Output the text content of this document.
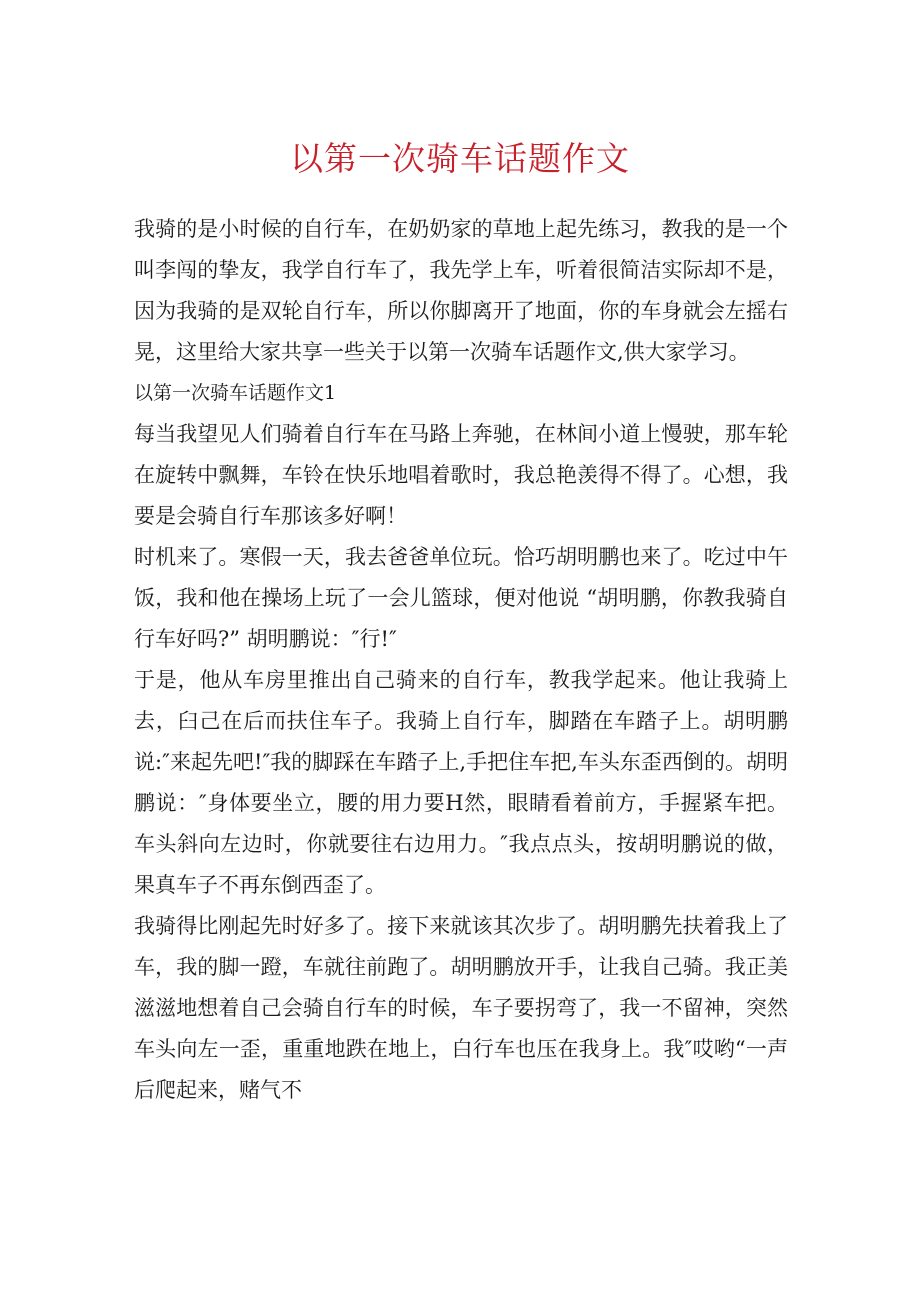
以第一次骑车话题作文

我骑的是小时候的自行车，在奶奶家的草地上起先练习，教我的是一个叫李闯的挚友，我学自行车了，我先学上车，听着很简洁实际却不是，因为我骑的是双轮自行车，所以你脚离开了地面，你的车身就会左摇右晃，这里给大家共享一些关于以第一次骑车话题作文,供大家学习。

以第一次骑车话题作文1

每当我望见人们骑着自行车在马路上奔驰，在林间小道上慢驶，那车轮在旋转中飘舞，车铃在快乐地唱着歌时，我总艳羡得不得了。心想，我要是会骑自行车那该多好啊！

时机来了。寒假一天，我去爸爸单位玩。恰巧胡明鹏也来了。吃过中午饭，我和他在操场上玩了一会儿篮球，便对他说 “胡明鹏，你教我骑自行车好吗?” 胡明鹏说：″行!″

于是，他从车房里推出自己骑来的自行车，教我学起来。他让我骑上去，臼己在后而扶住车子。我骑上自行车，脚踏在车踏子上。胡明鹏说:″来起先吧!″我的脚踩在车踏子上,手把住车把,车头东歪西倒的。胡明鹏说：″身体要坐立，腰的用力要H然，眼睛看着前方，手握紧车把。车头斜向左边时，你就要往右边用力。″我点点头，按胡明鹏说的做，果真车子不再东倒西歪了。

我骑得比刚起先时好多了。接下来就该其次步了。胡明鹏先扶着我上了车，我的脚一蹬，车就往前跑了。胡明鹏放开手，让我自己骑。我正美滋滋地想着自己会骑自行车的时候，车子要拐弯了，我一不留神，突然车头向左一歪，重重地跌在地上，白行车也压在我身上。我″哎哟“一声后爬起来，赌气不
